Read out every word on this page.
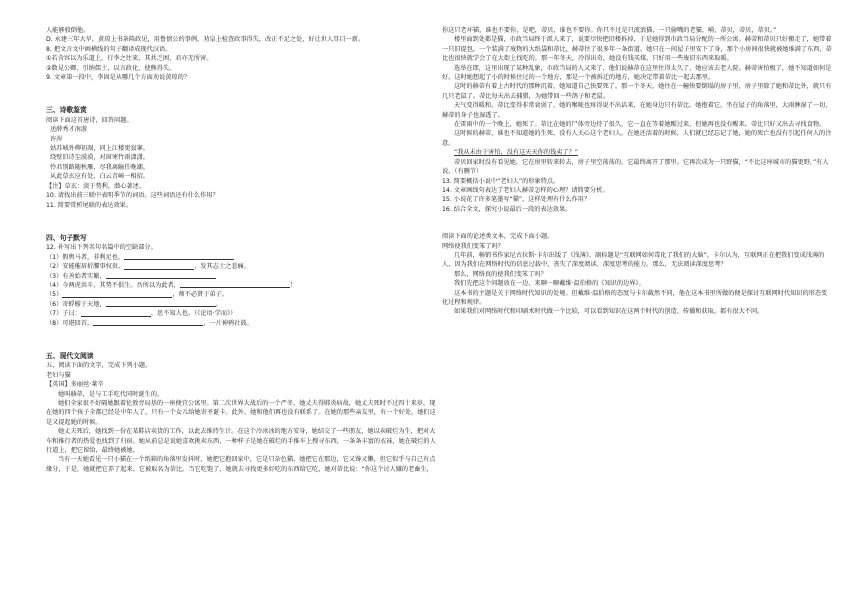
人能够驳倒他。

D. 永建三年大旱，黄琼上书条陈政见，用鲁僖公的事例，劝皇上检查政事得失，改正不足之处，好让世人耳目一新。

8. 把文言文中画横线的句子翻译成现代汉语。

①若含容以为乐道上，行李之往来，其共乏困，君亦无所害。

②数見公卿，引纳儒士，以言政化，使熊得失。

9. 文章第一段中，李固是从哪几个方面劝说黄琼的？

三、诗歌鉴赏

阅读下面这首唐诗，回答问题。

送薛秀才南游

许浑

姑苏城外柳初凋，同上江楼更寂寥。

绕壁旧诗尘漠漠，对窗寒竹雨潇潇。

怜君别路随秋雁，尽我离觞任晚潮。

从此草玄应有处，白云青嶂一相招。

【注】草玄：淡于势利，潜心著述。

10. 请找出前三联中表明季节的词语。这些词语还有什么作用？

11. 简要赏析尾联的表达效果。

四、句子默写

12. 补写出下列名句名篇中的空缺部分。

（1）假舆马者，非利足也，

（2）安能摧眉折腰事权贵，	，发其志士之悲痛。

（3）有善始者实繁，

（4）今两虎共斗，其势不俱生。吾所以为此者，	！

（5）	，师不必贤于弟子。

（6）寄蜉蝣于天地，	。

（7）子曰：	，思不知人也。（《论语·学而》）

（8）可堪回首，	，一片神鸦社鼓。

五、现代文阅读

五、阅读下面的文字，完成下列小题。

老妇与猫

【英国】多丽丝·莱辛

她叫赫蒂，是与工手吃代同时诞生的。

她们全家很不好隔她跟着伦敦旁局基的一座便宜公寓里。第二次世界大战后的一个严冬，她丈夫得肺炎病故，她丈夫死时不过四十来岁，现在她的四个孩子全都已经是中年人了，只有一个女儿给她寄圣诞卡。此外，她和他们再也没有联系了。在她的那些亲友里，有一个好处，她们这是又提起她的时候。

她丈夫死后，她找到一份在某鞋店卖货的工作，以此去维持生计。在这个冷冰冰的地方安身，她结交了一些朋友，她以卖破烂为生，把对大车和推行者的热爱也找到了归宿。她从前总是说她喜欢挑卖东西，一种样子是她在破烂的手推车上搜寻东西，一条条丰富的衣袜，她在破烂的人行道上，把它留给，最终她被她。

当有一天她看见一只小猫在一个纸箱的角落里发抖时，她把它抱回家中，它是只杂色猫，她把它在那边，它又馋又懒，但它似乎与自己有点缘分，于是，她就把它养了起来。它被取名为蒂比。当它吃饱了，她就去寻找更多好吃的东西给它吃，她对蒂比说：“你这个讨人嫌的老畜生，

你这只老坏猫，谁也不要你，是吧，蒂贝，谁也不要你。你只不过是只流浪猫，一只偷嘴的老猫，嗬，蒂贝，蒂贝，蒂贝。”

楼里面到处都是猫，市政当局终于派人来了，说要尽快把旧楼拆掉，于是她得到市政当局分配的一所公寓。赫蒂和蒂贝只好搬走了，她带着一只旧提包，一个装满了废物的大纸袋和蒂比，赫蒂住了很多年一条街道。她只在一间屋子里安下了身，那个小房间很快就被她堆满了东西，蒂比也很快就学会了在大街上找吃的。那一年冬天，冷得出奇，她没有钱买煤，只好用一些废旧东西来取暖。

选举在即，这里出现了某种乱象，市政当局的人又来了，他们说赫蒂在这里住得太久了，她应该去老人院。赫蒂害怕极了，她不知道如何是好。这时她想起了小的时候住过的一个地方，那是一个被拆迁的地方，她决定带着蒂比一起去那里。

这时的赫蒂有着上古时代的那种沉着，她知道自己快要死了。那一个冬天，她住在一幢快要倒塌的房子里，房子里除了她和蒂比外，就只有几只老鼠了。蒂比每天出去捕猎，为她带回一些鸽子和老鼠。

天气变得暖和，蒂比变得非常衰弱了，她的喉咙也疼得说不出话来，在她身边只有蒂比。她抱着它，坐在屋子的角落里，大雨淋湿了一切，赫蒂的身子也湿透了。

在雷雨中的一个晚上，她死了。蒂比在她的尸体旁边待了很久，它一直在等着她醒过来，但她再也没有醒来。蒂比只好又出去寻找食物。

这时候的赫蒂，谁也不知道她的生死，没有人关心这个老妇人。在她还活着的时候，人们就已经忘记了她，她的死亡也没有引起任何人的注意。

“我从未由于害怕，没有这天天你的钱卖了？”

蒂贝回家时没有看见她，它在房里转来转去，房子里空荡荡的，它最终离开了那里。它再次成为一只野猫，“不比这座城市的猫更野，”有人说，（有删节）

13. 简要概括小说中“老妇人”的形象特点。

14. 文章画线句表达了老妇人赫蒂怎样的心理？请简要分析。

15. 小说花了许多笔墨写“猫”，这样处理有什么作用？

16. 结合全文，探究小说最后一段的表达效果。

阅读下面的论述类文本，完成下面小题。

网络使我们变笨了吗？

几年前，畅销书作家尼古拉斯·卡尔出版了《浅薄》，副标题是“互联网如何毒化了我们的大脑”。卡尔认为，互联网正在把我们变成浅薄的人，因为我们在网络时代的信息过载中，丧失了深度阅读、深度思考的能力。那么，无法阅读深度思考？

那么，网络真的使我们变笨了吗？

我们先把这个问题放在一边，来聊一聊戴维·温伯格的《知识的边界》。

这本书的主题是关于网络时代知识的处境。但戴维·温伯格的态度与卡尔截然不同，他在这本书里所做的便是探讨互联网时代知识的形态变化过程和规律。

如果我们对网络时代和印刷术时代做一个比较，可以看到知识在这两个时代的创造、传播和获取，都有很大不同。
